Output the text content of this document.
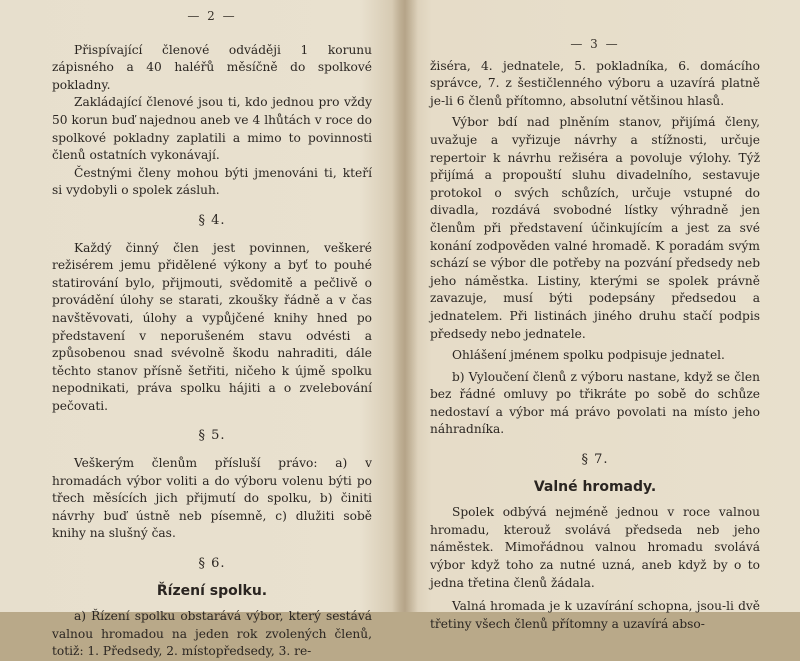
— 2 —

Přispívající členové odváději 1 korunu zápisného a 40 haléřů měsíčně do spolkové pokladny.

Zakládající členové jsou ti, kdo jednou pro vždy 50 korun buď najednou aneb ve 4 lhůtách v roce do spolkové pokladny zaplatili a mimo to povinnosti členů ostatních vykonávají.

Čestnými členy mohou býti jmenováni ti, kteří si vydobyli o spolek zásluh.

§ 4.

Každý činný člen jest povinnen, veškeré režisérem jemu přidělené výkony a byť to pouhé statirování bylo, přijmouti, svědomitě a pečlivě o provádění úlohy se starati, zkoušky řádně a v čas navštěvovati, úlohy a vypůjčené knihy hned po představení v neporušeném stavu odvésti a způsobenou snad svévolně škodu nahraditi, dále těchto stanov přísně šetřiti, ničeho k újmě spolku nepodnikati, práva spolku hájiti a o zvelebování pečovati.

§ 5.

Veškerým členům přísluší právo: a) v hromadách výbor voliti a do výboru volenu býti po třech měsících jich přijmutí do spolku, b) činiti návrhy buď ústně neb písemně, c) dlužiti sobě knihy na slušný čas.

§ 6.
Řízení spolku.

a) Řízení spolku obstarává výbor, který sestává valnou hromadou na jeden rok zvolených členů, totiž: 1. Předsedy, 2. místopředsedy, 3. re-

— 3 —

žiséra, 4. jednatele, 5. pokladníka, 6. domácího správce, 7. z šestičlenného výboru a uzavírá platně je-li 6 členů přítomno, absolutní většinou hlasů.

Výbor bdí nad plněním stanov, přijímá členy, uvažuje a vyřizuje návrhy a stížnosti, určuje repertoir k návrhu režiséra a povoluje výlohy. Týž přijímá a propouští sluhu divadelního, sestavuje protokol o svých schůzích, určuje vstupné do divadla, rozdává svobodné lístky výhradně jen členům při představení účinkujícím a jest za své konání zodpověden valné hromadě. K poradám svým schází se výbor dle potřeby na pozvání předsedy neb jeho náměstka. Listiny, kterými se spolek právně zavazuje, musí býti podepsány předsedou a jednatelem. Při listinách jiného druhu stačí podpis předsedy nebo jednatele.

Ohlášení jménem spolku podpisuje jednatel.

b) Vyloučení členů z výboru nastane, když se člen bez řádné omluvy po třikráte po sobě do schůze nedostaví a výbor má právo povolati na místo jeho náhradníka.

§ 7.
Valné hromady.

Spolek odbývá nejméně jednou v roce valnou hromadu, kterouž svolává předseda neb jeho náměstek. Mimořádnou valnou hromadu svolává výbor když toho za nutné uzná, aneb když by o to jedna třetina členů žádala.

Valná hromada je k uzavírání schopna, jsou-li dvě třetiny všech členů přítomny a uzavírá abso-
